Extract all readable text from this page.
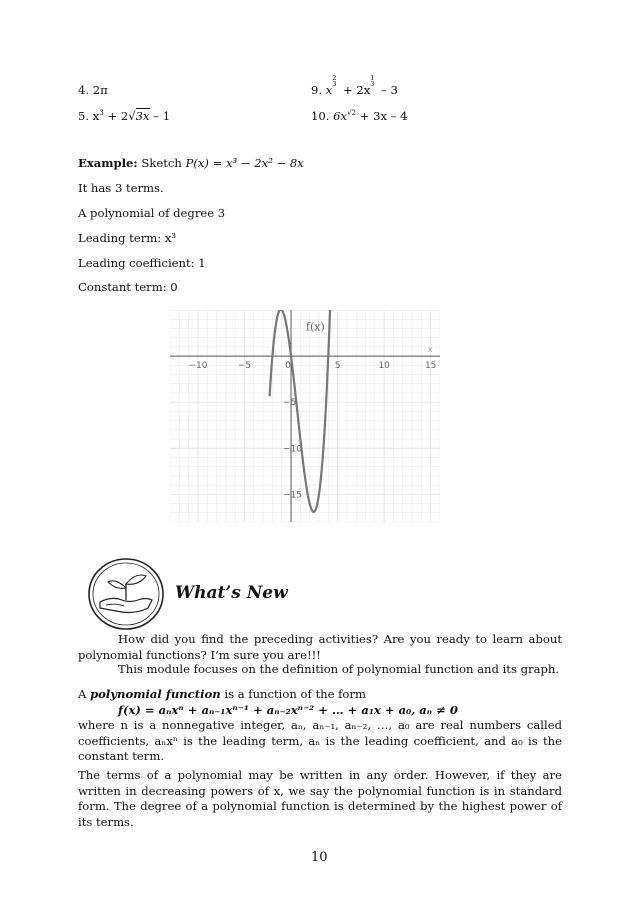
4. 2π
5. $x^3 + 2√3x - 1$
9. x
2
3 + 2x
1
3 – 3
10. $6x^{√2} + 3x - 4$
Example: Sketch P(x) = x³ − 2x² − 8x
It has 3 terms.
A polynomial of degree 3
Leading term: x³
Leading coefficient: 1
Constant term: 0
−10	−5	0	5	10	15
−5
−10
−15
x
f(x)
What’s New
How did you find the preceding activities? Are you ready to learn about polynomial functions? I’m sure you are!!!
This module focuses on the definition of polynomial function and its graph.
A polynomial function is a function of the form
f(x) = aₙxⁿ + aₙ₋₁xⁿ⁻¹ + aₙ₋₂xⁿ⁻² + … + a₁x + a₀, aₙ ≠ 0
where n is a nonnegative integer, aₙ, aₙ₋₁, aₙ₋₂, …, a₀ are real numbers called coefficients, aₙxⁿ is the leading term, aₙ is the leading coefficient, and a₀ is the constant term.
The terms of a polynomial may be written in any order. However, if they are written in decreasing powers of x, we say the polynomial function is in standard form. The degree of a polynomial function is determined by the highest power of its terms.
10
